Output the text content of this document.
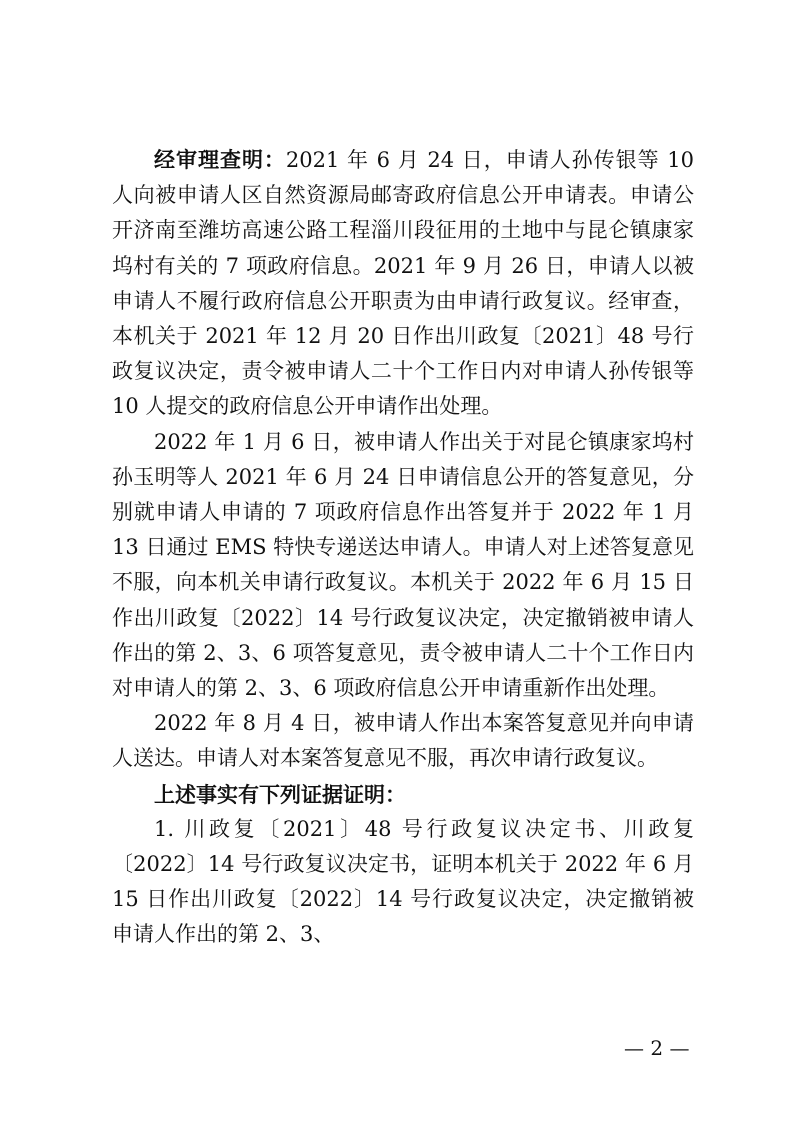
经审理查明：2021 年 6 月 24 日，申请人孙传银等 10 人向被申请人区自然资源局邮寄政府信息公开申请表。申请公开济南至潍坊高速公路工程淄川段征用的土地中与昆仑镇康家坞村有关的 7 项政府信息。2021 年 9 月 26 日，申请人以被申请人不履行政府信息公开职责为由申请行政复议。经审查，本机关于 2021 年 12 月 20 日作出川政复〔2021〕48 号行政复议决定，责令被申请人二十个工作日内对申请人孙传银等 10 人提交的政府信息公开申请作出处理。

2022 年 1 月 6 日，被申请人作出关于对昆仑镇康家坞村孙玉明等人 2021 年 6 月 24 日申请信息公开的答复意见，分别就申请人申请的 7 项政府信息作出答复并于 2022 年 1 月 13 日通过 EMS 特快专递送达申请人。申请人对上述答复意见不服，向本机关申请行政复议。本机关于 2022 年 6 月 15 日作出川政复〔2022〕14 号行政复议决定，决定撤销被申请人作出的第 2、3、6 项答复意见，责令被申请人二十个工作日内对申请人的第 2、3、6 项政府信息公开申请重新作出处理。

2022 年 8 月 4 日，被申请人作出本案答复意见并向申请人送达。申请人对本案答复意见不服，再次申请行政复议。

上述事实有下列证据证明：

1. 川政复〔2021〕48 号行政复议决定书、川政复〔2022〕14 号行政复议决定书，证明本机关于 2022 年 6 月 15 日作出川政复〔2022〕14 号行政复议决定，决定撤销被申请人作出的第 2、3、

— 2 —
